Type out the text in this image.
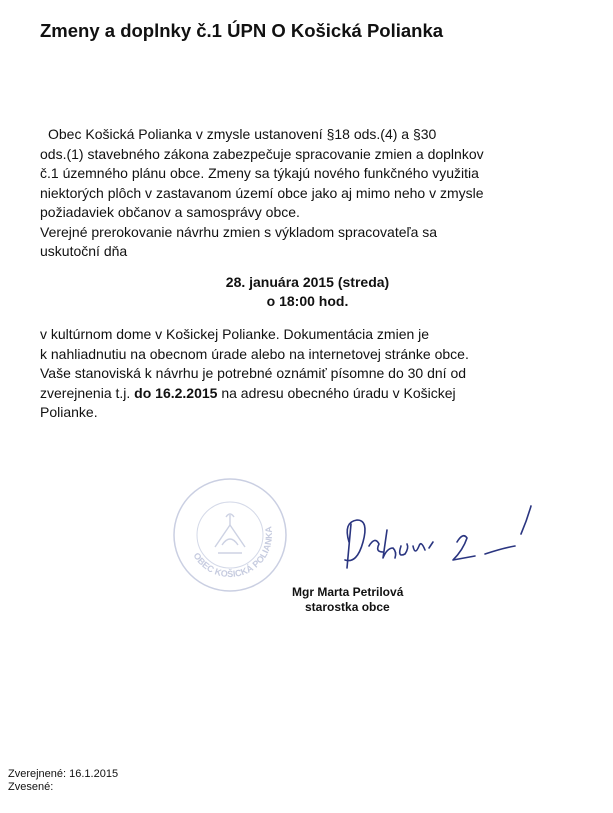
Zmeny a doplnky č.1 ÚPN O Košická Polianka
Obec Košická Polianka v zmysle ustanovení §18 ods.(4) a §30
ods.(1) stavebného zákona zabezpečuje spracovanie zmien a doplnkov
č.1 územného plánu obce. Zmeny sa týkajú nového funkčného využitia
niektorých plôch v zastavanom území obce jako aj mimo neho v zmysle
požiadaviek občanov a samosprávy obce.
Verejné prerokovanie návrhu zmien s výkladom spracovateľa sa
uskutoční dňa
28. januára 2015 (streda)
o 18:00 hod.
v kultúrnom dome v Košickej Polianke. Dokumentácia zmien je
k nahliadnutiu na obecnom úrade alebo na internetovej stránke obce.
Vaše stanoviská k návrhu je potrebné oznámiť písomne do 30 dní od
zverejnenia t.j. do 16.2.2015 na adresu obecného úradu v Košickej
Polianke.
OBEC KOŠICKÁ POLIANKA
Mgr Marta Petrilová
starostka obce
Zverejnené: 16.1.2015
Zvesené:
